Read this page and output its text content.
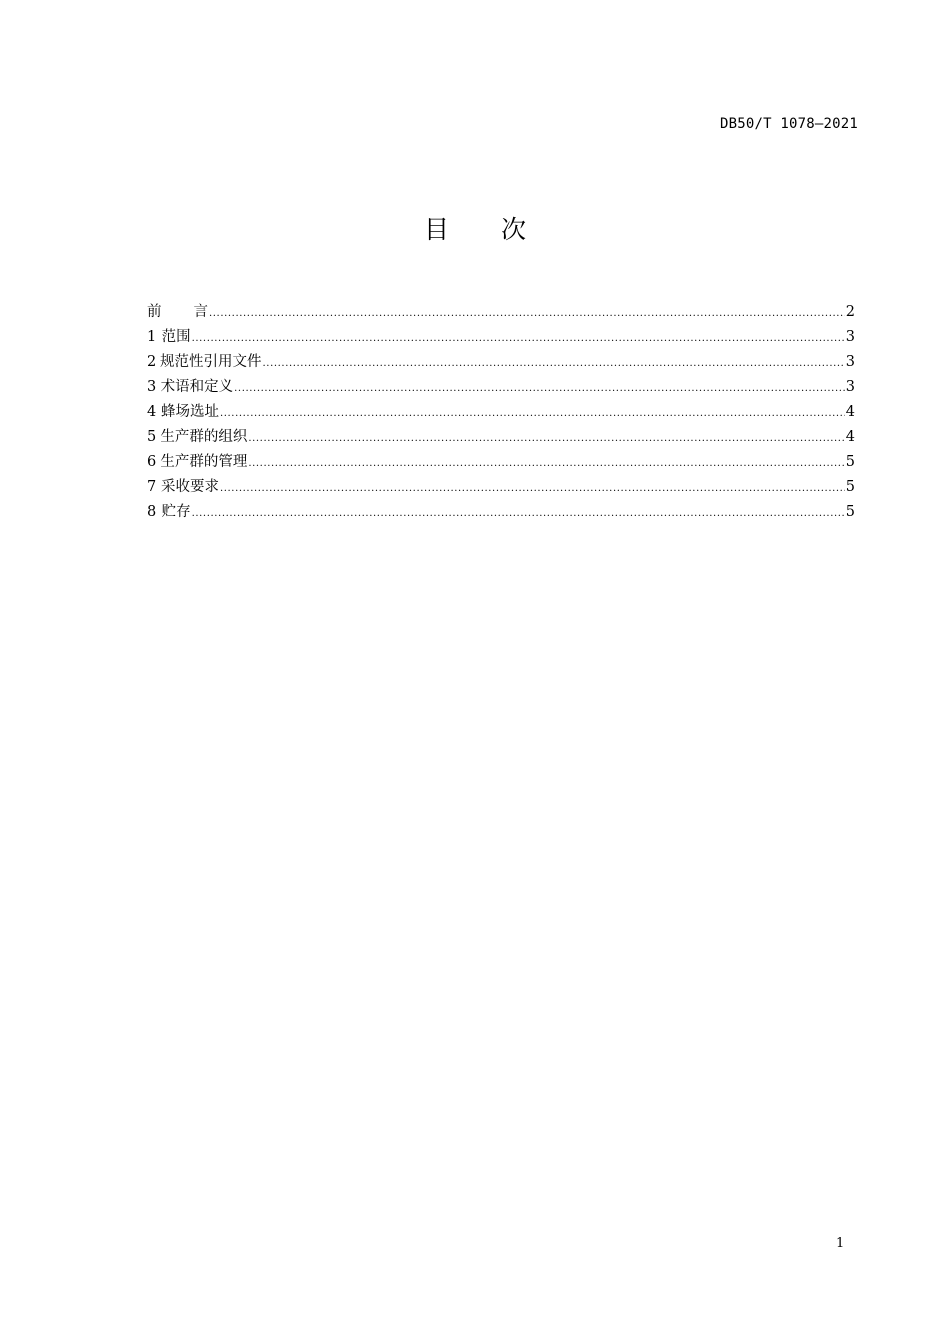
DB50/T 1078—2021
目 次
前 言 .....	2
1 范围 .....	3
2 规范性引用文件 .....	3
3 术语和定义 .....	3
4 蜂场选址 .....	4
5 生产群的组织 .....	4
6 生产群的管理 .....	5
7 采收要求 .....	5
8 贮存 .....	5
1
